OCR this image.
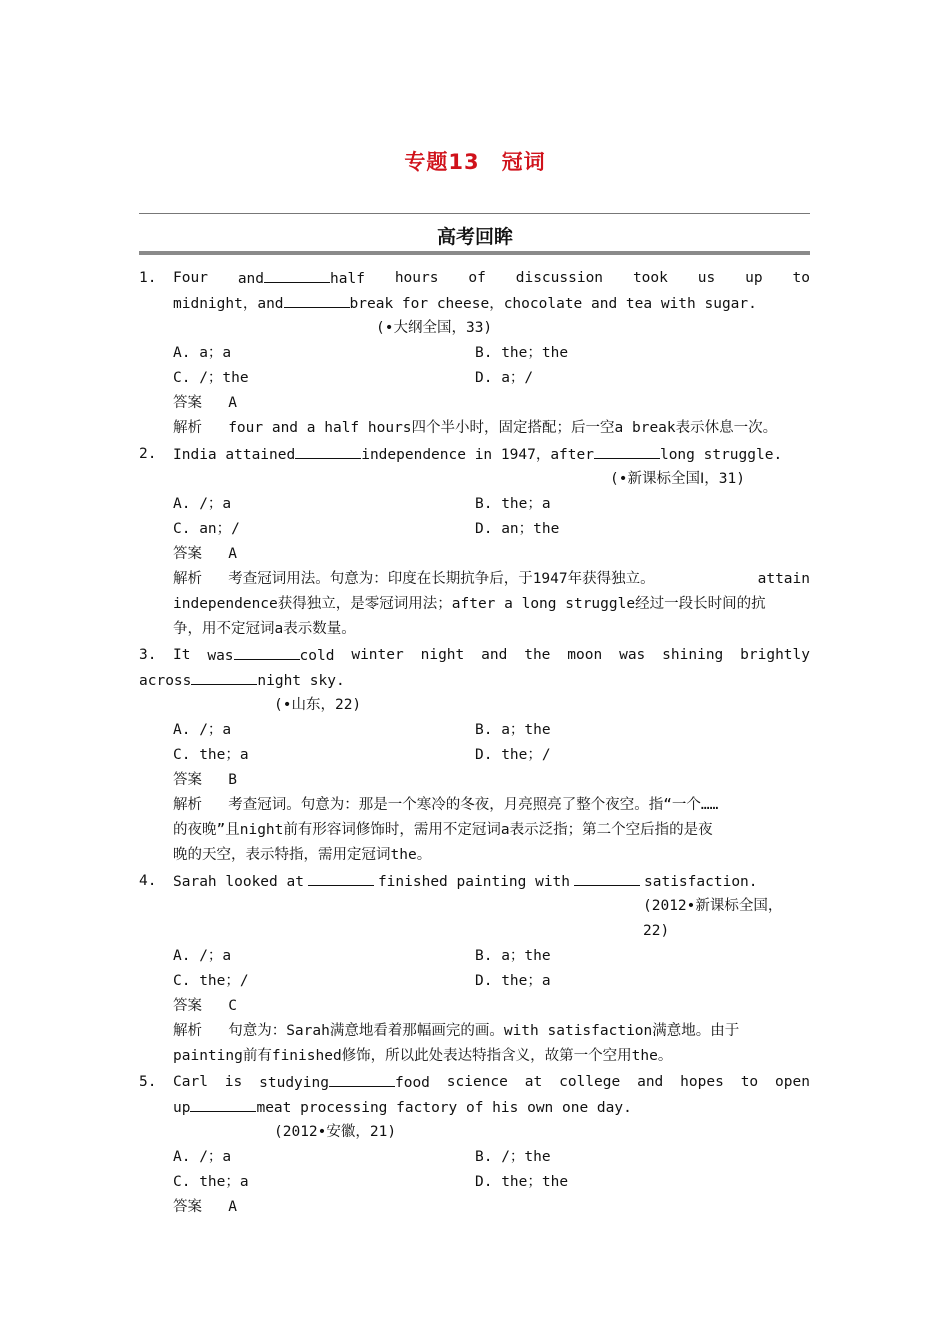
专题13　冠词
高考回眸
1. Four and	half hours of discussion took us up to
midnight，and	break for cheese，chocolate and tea with sugar.
(•大纲全国，33)
A. a；a	B. the；the
C. /；the	D. a；/
答案 A
解析 four and a half hours四个半小时，固定搭配；后一空a break表示休息一次。
2. India attained	independence in 1947，after	long struggle.
(•新课标全国Ⅰ，31)
A. /；a	B. the；a
C. an；/	D. an；the
答案 A
解析 考查冠词用法。句意为：印度在长期抗争后，于1947年获得独立。	attain
independence获得独立，是零冠词用法；after a long struggle经过一段长时间的抗
争，用不定冠词a表示数量。
3. It was	cold winter night and the moon was shining brightly
across	night sky.
(•山东，22)
A. /；a	B. a；the
C. the；a	D. the；/
答案 B
解析 考查冠词。句意为：那是一个寒冷的冬夜，月亮照亮了整个夜空。指“一个……
的夜晚”且night前有形容词修饰时，需用不定冠词a表示泛指；第二个空后指的是夜
晚的天空，表示特指，需用定冠词the。
4. Sarah looked at	finished painting with	satisfaction.
(2012•新课标全国，
22)
A. /；a	B. a；the
C. the；/	D. the；a
答案 C
解析 句意为：Sarah满意地看着那幅画完的画。with satisfaction满意地。由于
painting前有finished修饰，所以此处表达特指含义，故第一个空用the。
5. Carl is studying	food science at college and hopes to open
up	meat processing factory of his own one day.
(2012•安徽，21)
A. /；a	B. /；the
C. the；a	D. the；the
答案 A
